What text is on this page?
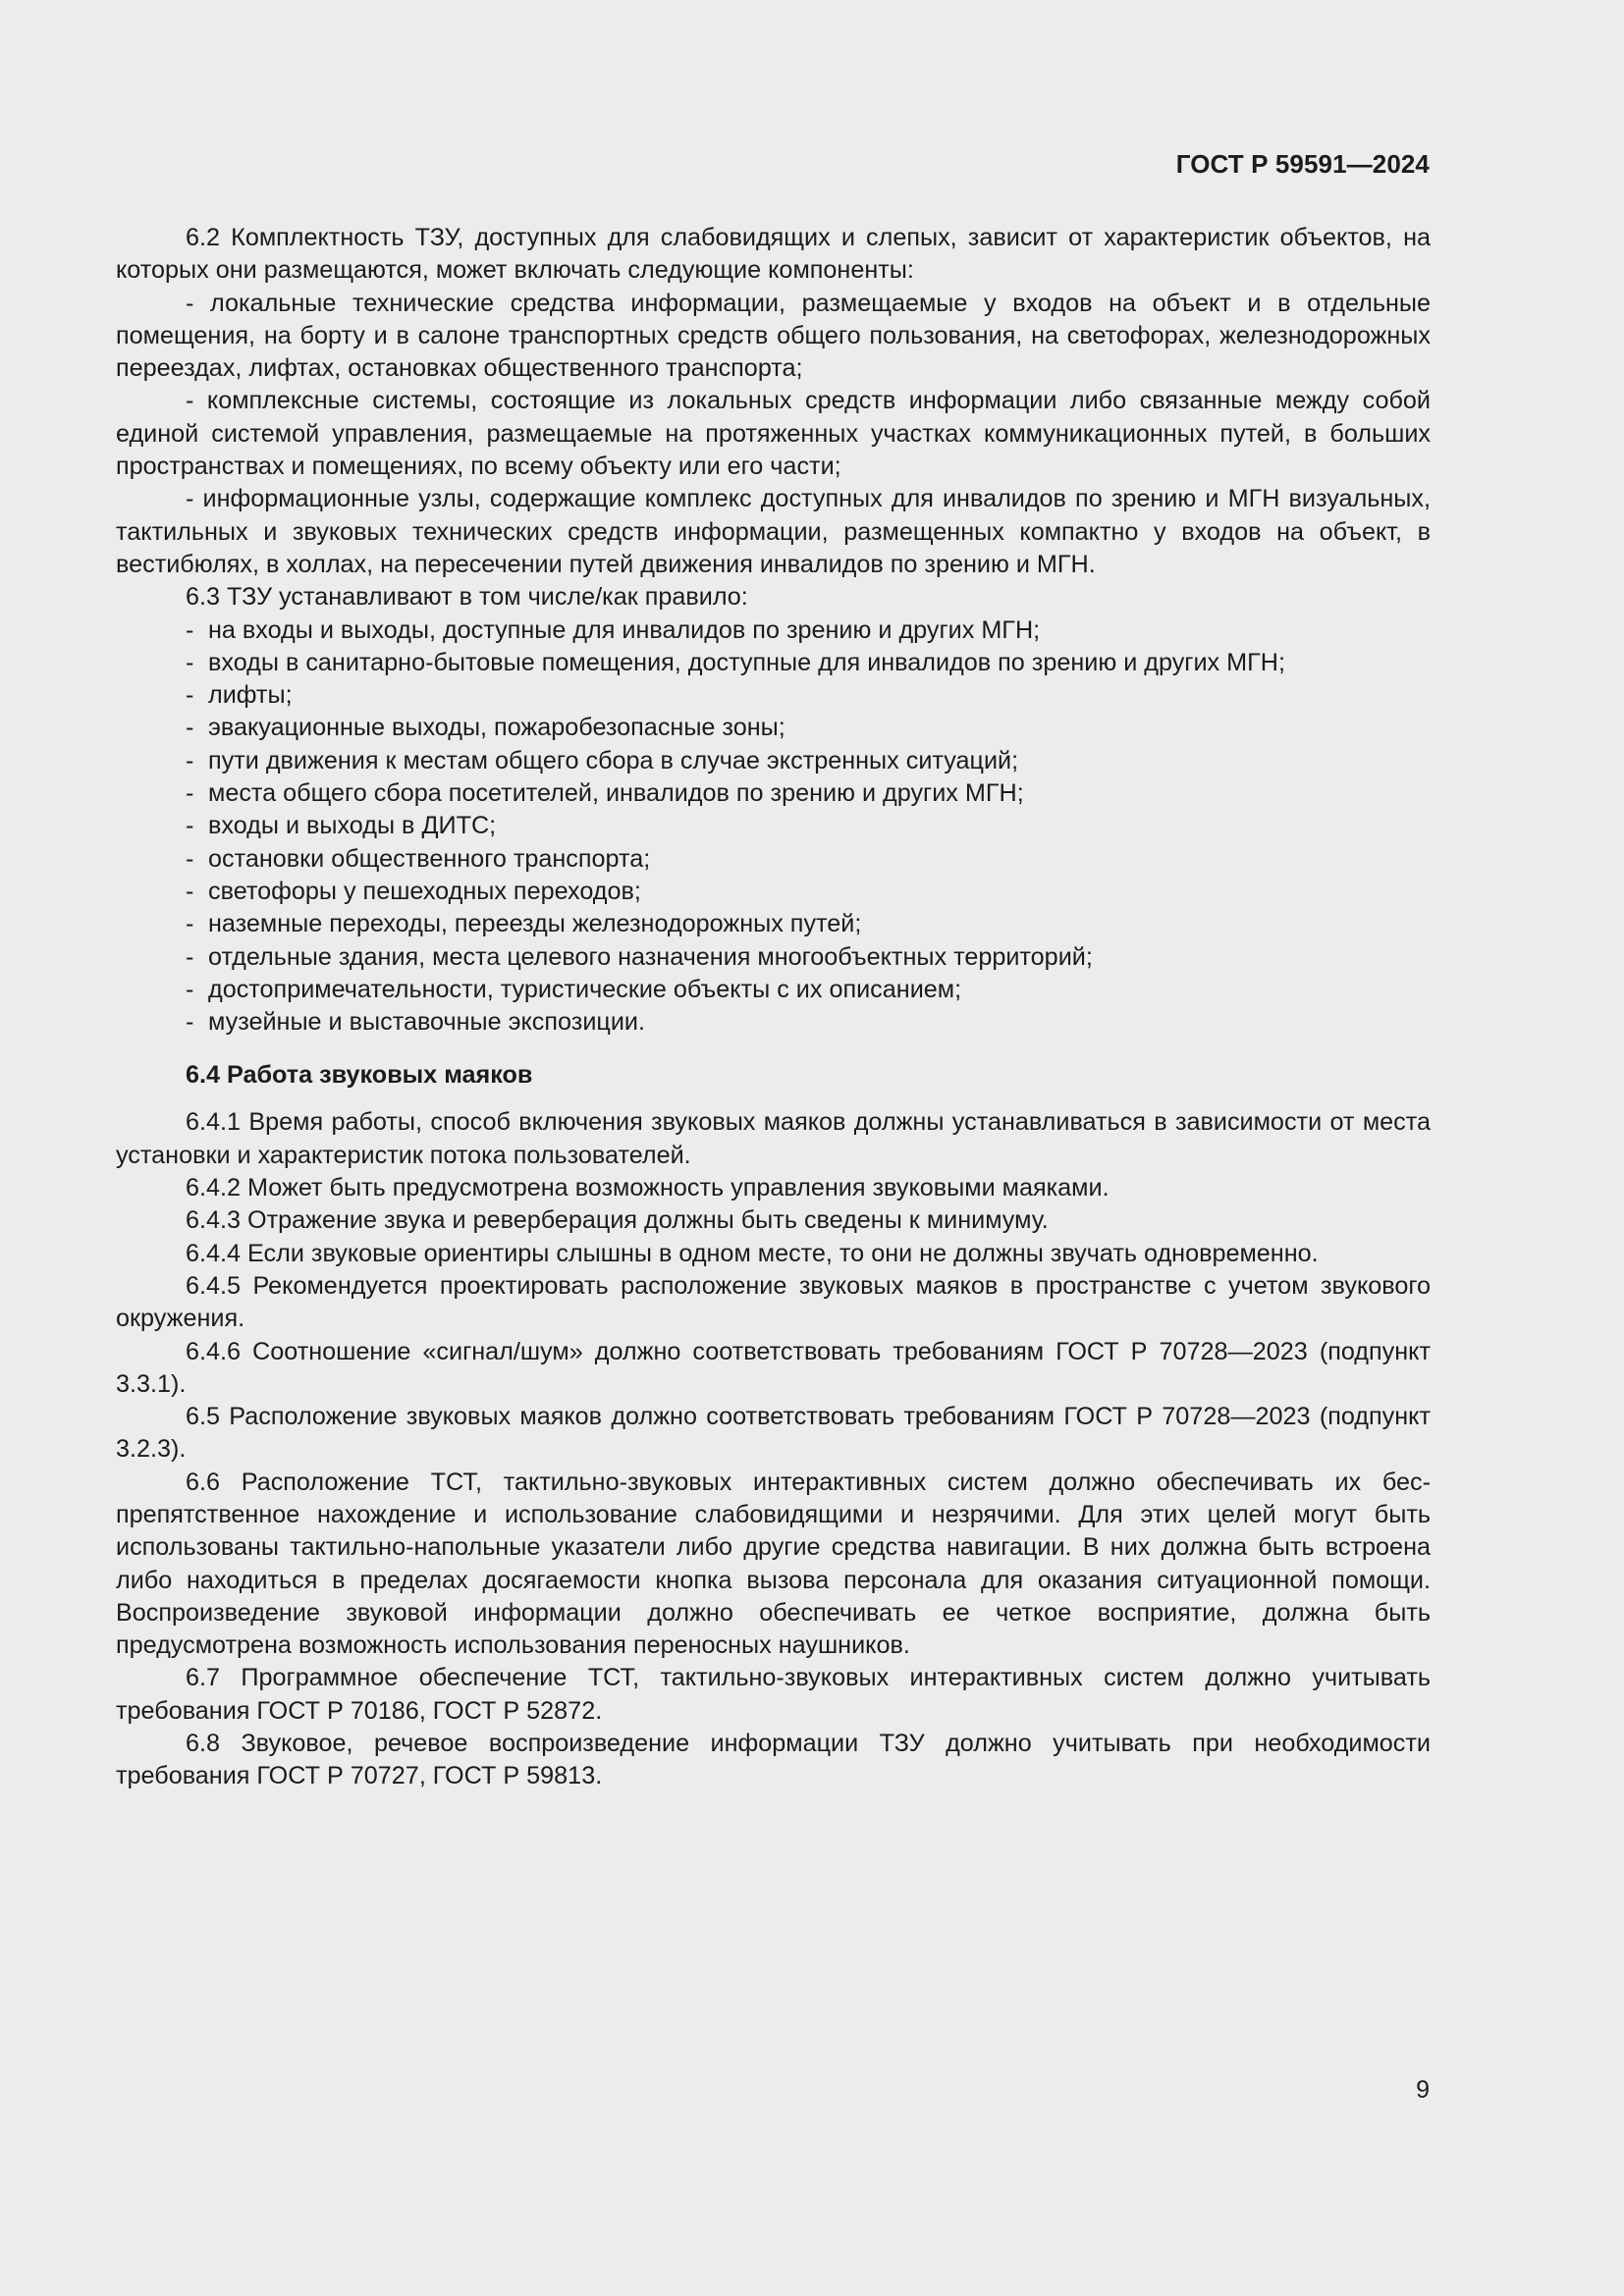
ГОСТ Р 59591—2024

6.2 Комплектность ТЗУ, доступных для слабовидящих и слепых, зависит от характеристик объектов, на которых они размещаются, может включать следующие компоненты:

- локальные технические средства информации, размещаемые у входов на объект и в отдельные помещения, на борту и в салоне транспортных средств общего пользования, на светофорах, железнодорожных переездах, лифтах, остановках общественного транспорта;

- комплексные системы, состоящие из локальных средств информации либо связанные между собой единой системой управления, размещаемые на протяженных участках коммуникационных путей, в больших пространствах и помещениях, по всему объекту или его части;

- информационные узлы, содержащие комплекс доступных для инвалидов по зрению и МГН визуальных, тактильных и звуковых технических средств информации, размещенных компактно у входов на объект, в вестибюлях, в холлах, на пересечении путей движения инвалидов по зрению и МГН.

6.3 ТЗУ устанавливают в том числе/как правило:

- на входы и выходы, доступные для инвалидов по зрению и других МГН;
- входы в санитарно-бытовые помещения, доступные для инвалидов по зрению и других МГН;
- лифты;
- эвакуационные выходы, пожаробезопасные зоны;
- пути движения к местам общего сбора в случае экстренных ситуаций;
- места общего сбора посетителей, инвалидов по зрению и других МГН;
- входы и выходы в ДИТС;
- остановки общественного транспорта;
- светофоры у пешеходных переходов;
- наземные переходы, переезды железнодорожных путей;
- отдельные здания, места целевого назначения многообъектных территорий;
- достопримечательности, туристические объекты с их описанием;
- музейные и выставочные экспозиции.
6.4 Работа звуковых маяков

6.4.1 Время работы, способ включения звуковых маяков должны устанавливаться в зависимости от места установки и характеристик потока пользователей.

6.4.2 Может быть предусмотрена возможность управления звуковыми маяками.

6.4.3 Отражение звука и реверберация должны быть сведены к минимуму.

6.4.4 Если звуковые ориентиры слышны в одном месте, то они не должны звучать одновременно.

6.4.5 Рекомендуется проектировать расположение звуковых маяков в пространстве с учетом звукового окружения.

6.4.6 Соотношение «сигнал/шум» должно соответствовать требованиям ГОСТ Р 70728—2023 (подпункт 3.3.1).

6.5 Расположение звуковых маяков должно соответствовать требованиям ГОСТ Р 70728—2023 (подпункт 3.2.3).

6.6 Расположение ТСТ, тактильно-звуковых интерактивных систем должно обеспечивать их беспрепятственное нахождение и использование слабовидящими и незрячими. Для этих целей могут быть использованы тактильно-напольные указатели либо другие средства навигации. В них должна быть встроена либо находиться в пределах досягаемости кнопка вызова персонала для оказания ситуационной помощи. Воспроизведение звуковой информации должно обеспечивать ее четкое восприятие, должна быть предусмотрена возможность использования переносных наушников.

6.7 Программное обеспечение ТСТ, тактильно-звуковых интерактивных систем должно учитывать требования ГОСТ Р 70186, ГОСТ Р 52872.

6.8 Звуковое, речевое воспроизведение информации ТЗУ должно учитывать при необходимости требования ГОСТ Р 70727, ГОСТ Р 59813.

9
